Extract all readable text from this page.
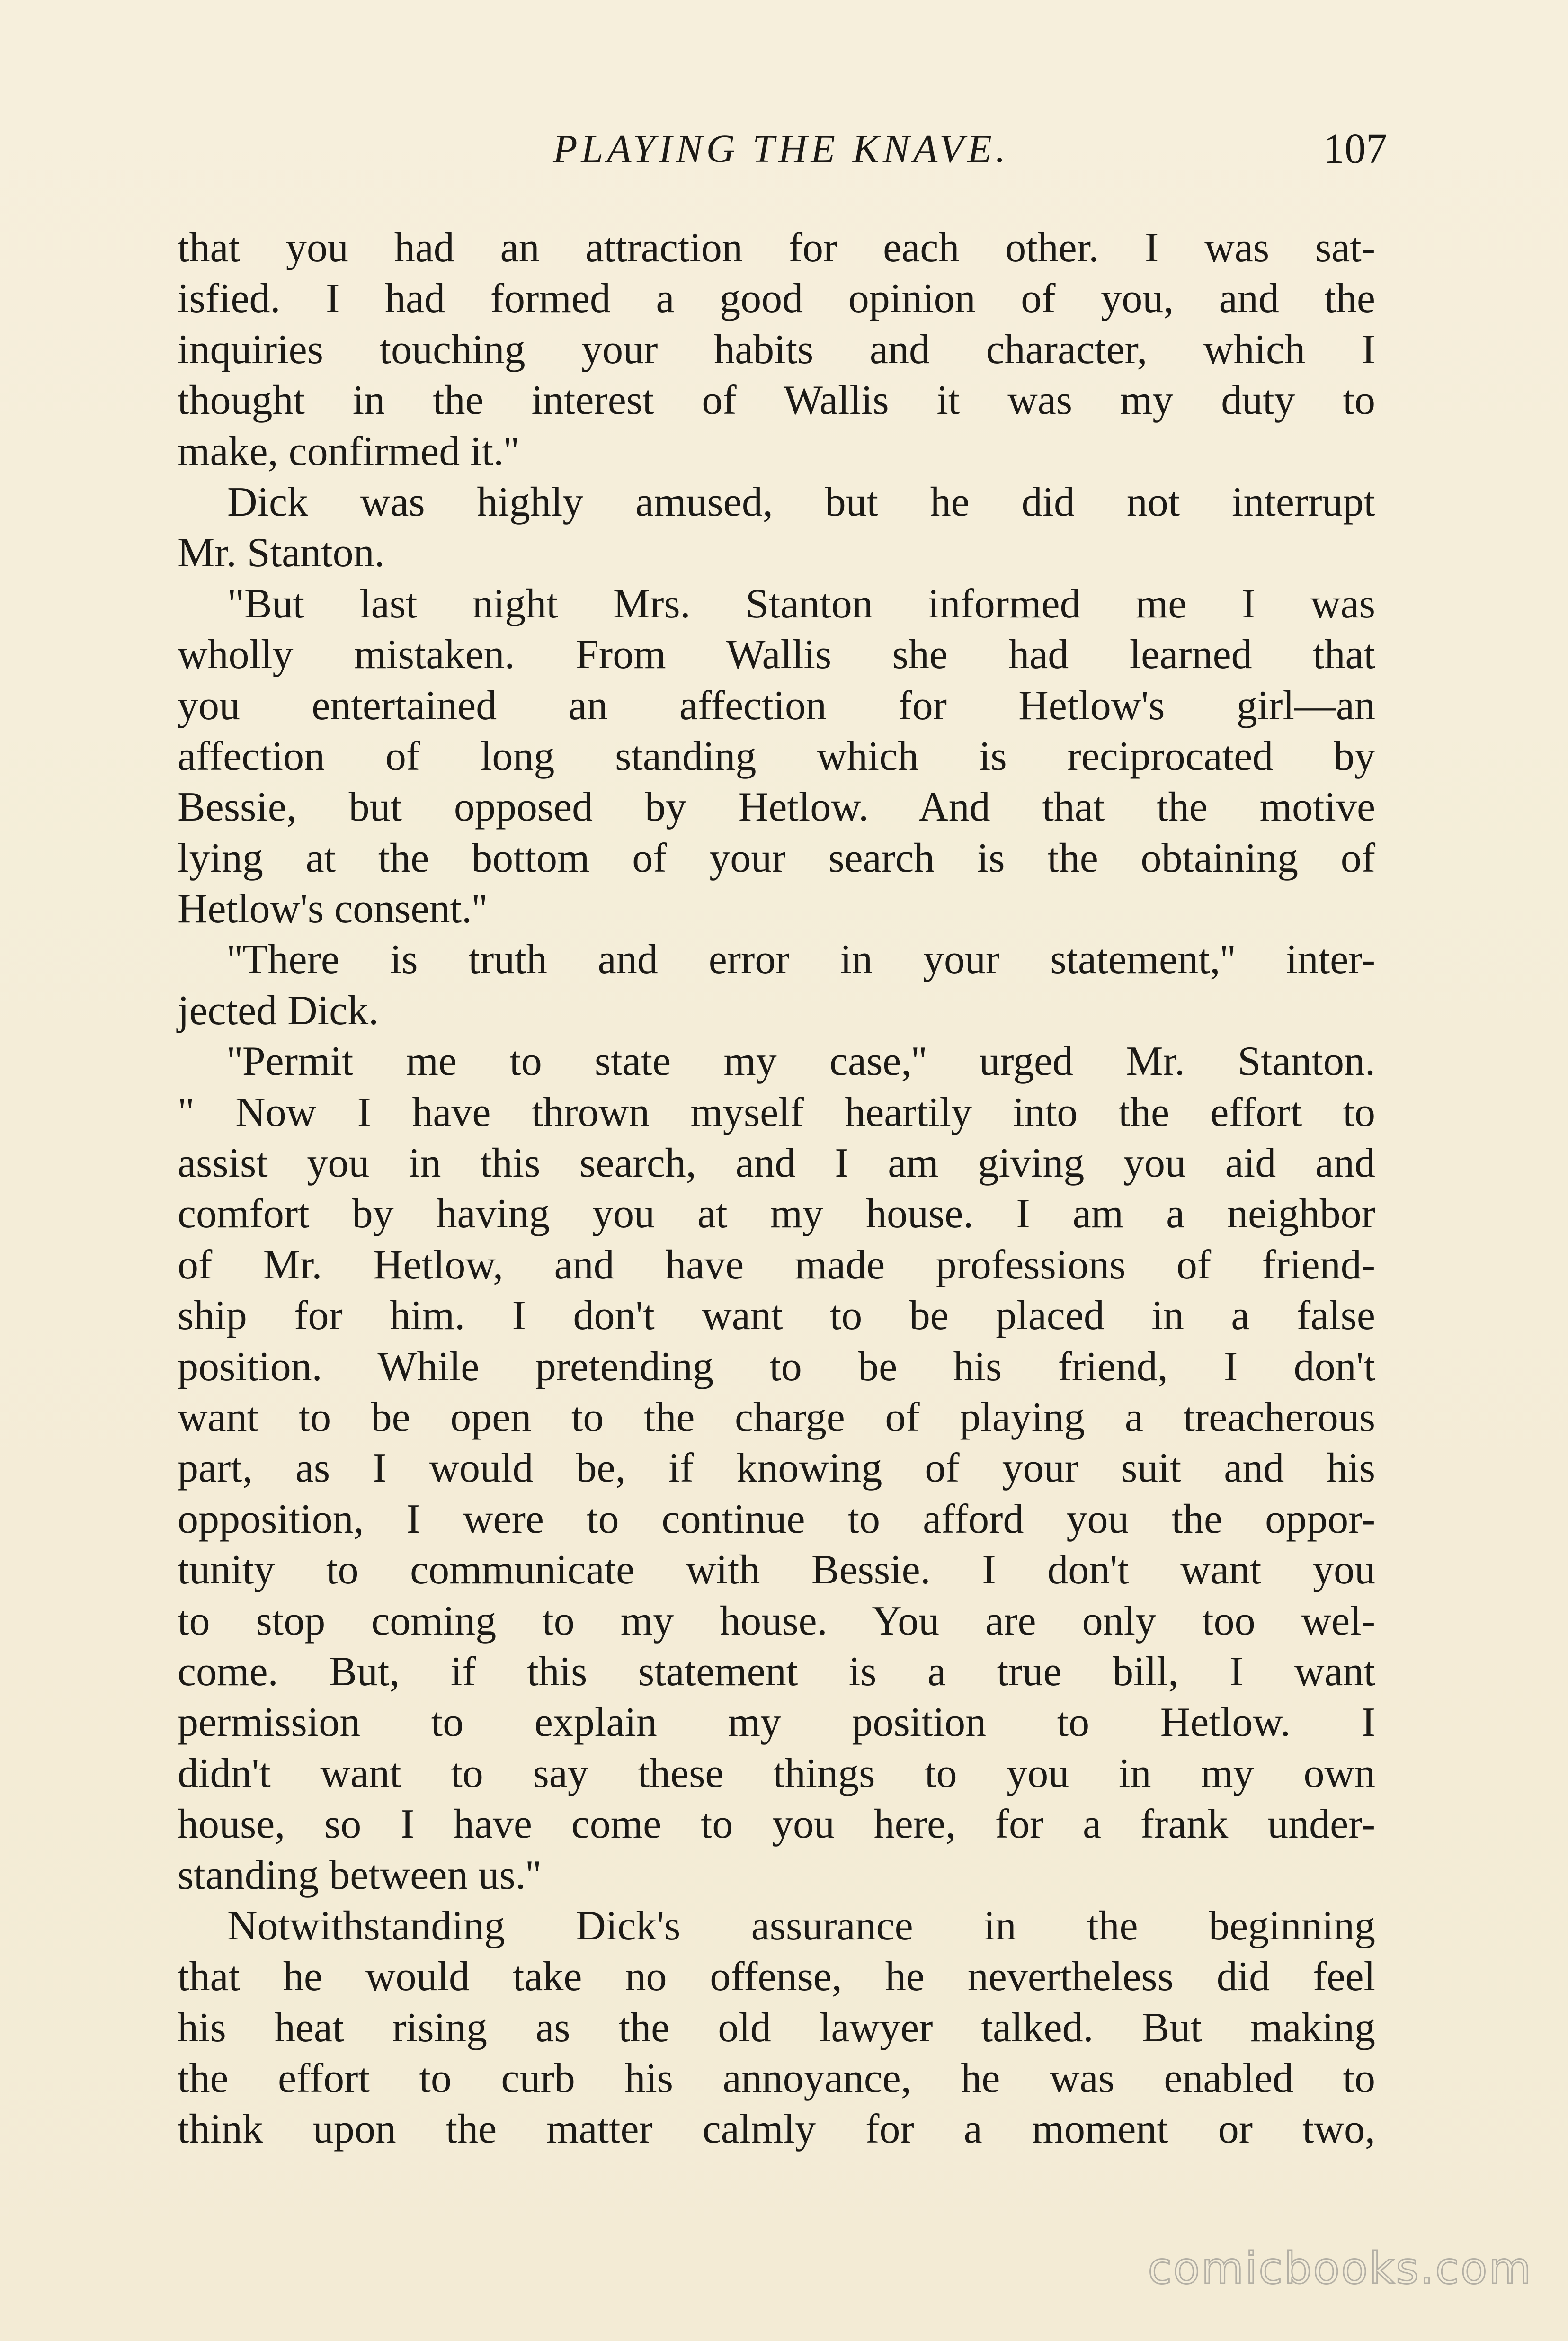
PLAYING THE KNAVE.	107
that you had an attraction for each other. I was sat-
isfied. I had formed a good opinion of you, and the
inquiries touching your habits and character, which I
thought in the interest of Wallis it was my duty to
make, confirmed it.''
Dick was highly amused, but he did not interrupt
Mr. Stanton.
"But last night Mrs. Stanton informed me I was
wholly mistaken. From Wallis she had learned that
you entertained an affection for Hetlow's girl—an
affection of long standing which is reciprocated by
Bessie, but opposed by Hetlow. And that the motive
lying at the bottom of your search is the obtaining of
Hetlow's consent.''
''There is truth and error in your statement,'' inter-
jected Dick.
''Permit me to state my case,'' urged Mr. Stanton.
" Now I have thrown myself heartily into the effort to
assist you in this search, and I am giving you aid and
comfort by having you at my house. I am a neighbor
of Mr. Hetlow, and have made professions of friend-
ship for him. I don't want to be placed in a false
position. While pretending to be his friend, I don't
want to be open to the charge of playing a treacherous
part, as I would be, if knowing of your suit and his
opposition, I were to continue to afford you the oppor-
tunity to communicate with Bessie. I don't want you
to stop coming to my house. You are only too wel-
come. But, if this statement is a true bill, I want
permission to explain my position to Hetlow. I
didn't want to say these things to you in my own
house, so I have come to you here, for a frank under-
standing between us.''
Notwithstanding Dick's assurance in the beginning
that he would take no offense, he nevertheless did feel
his heat rising as the old lawyer talked. But making
the effort to curb his annoyance, he was enabled to
think upon the matter calmly for a moment or two,
comicbooks.com
